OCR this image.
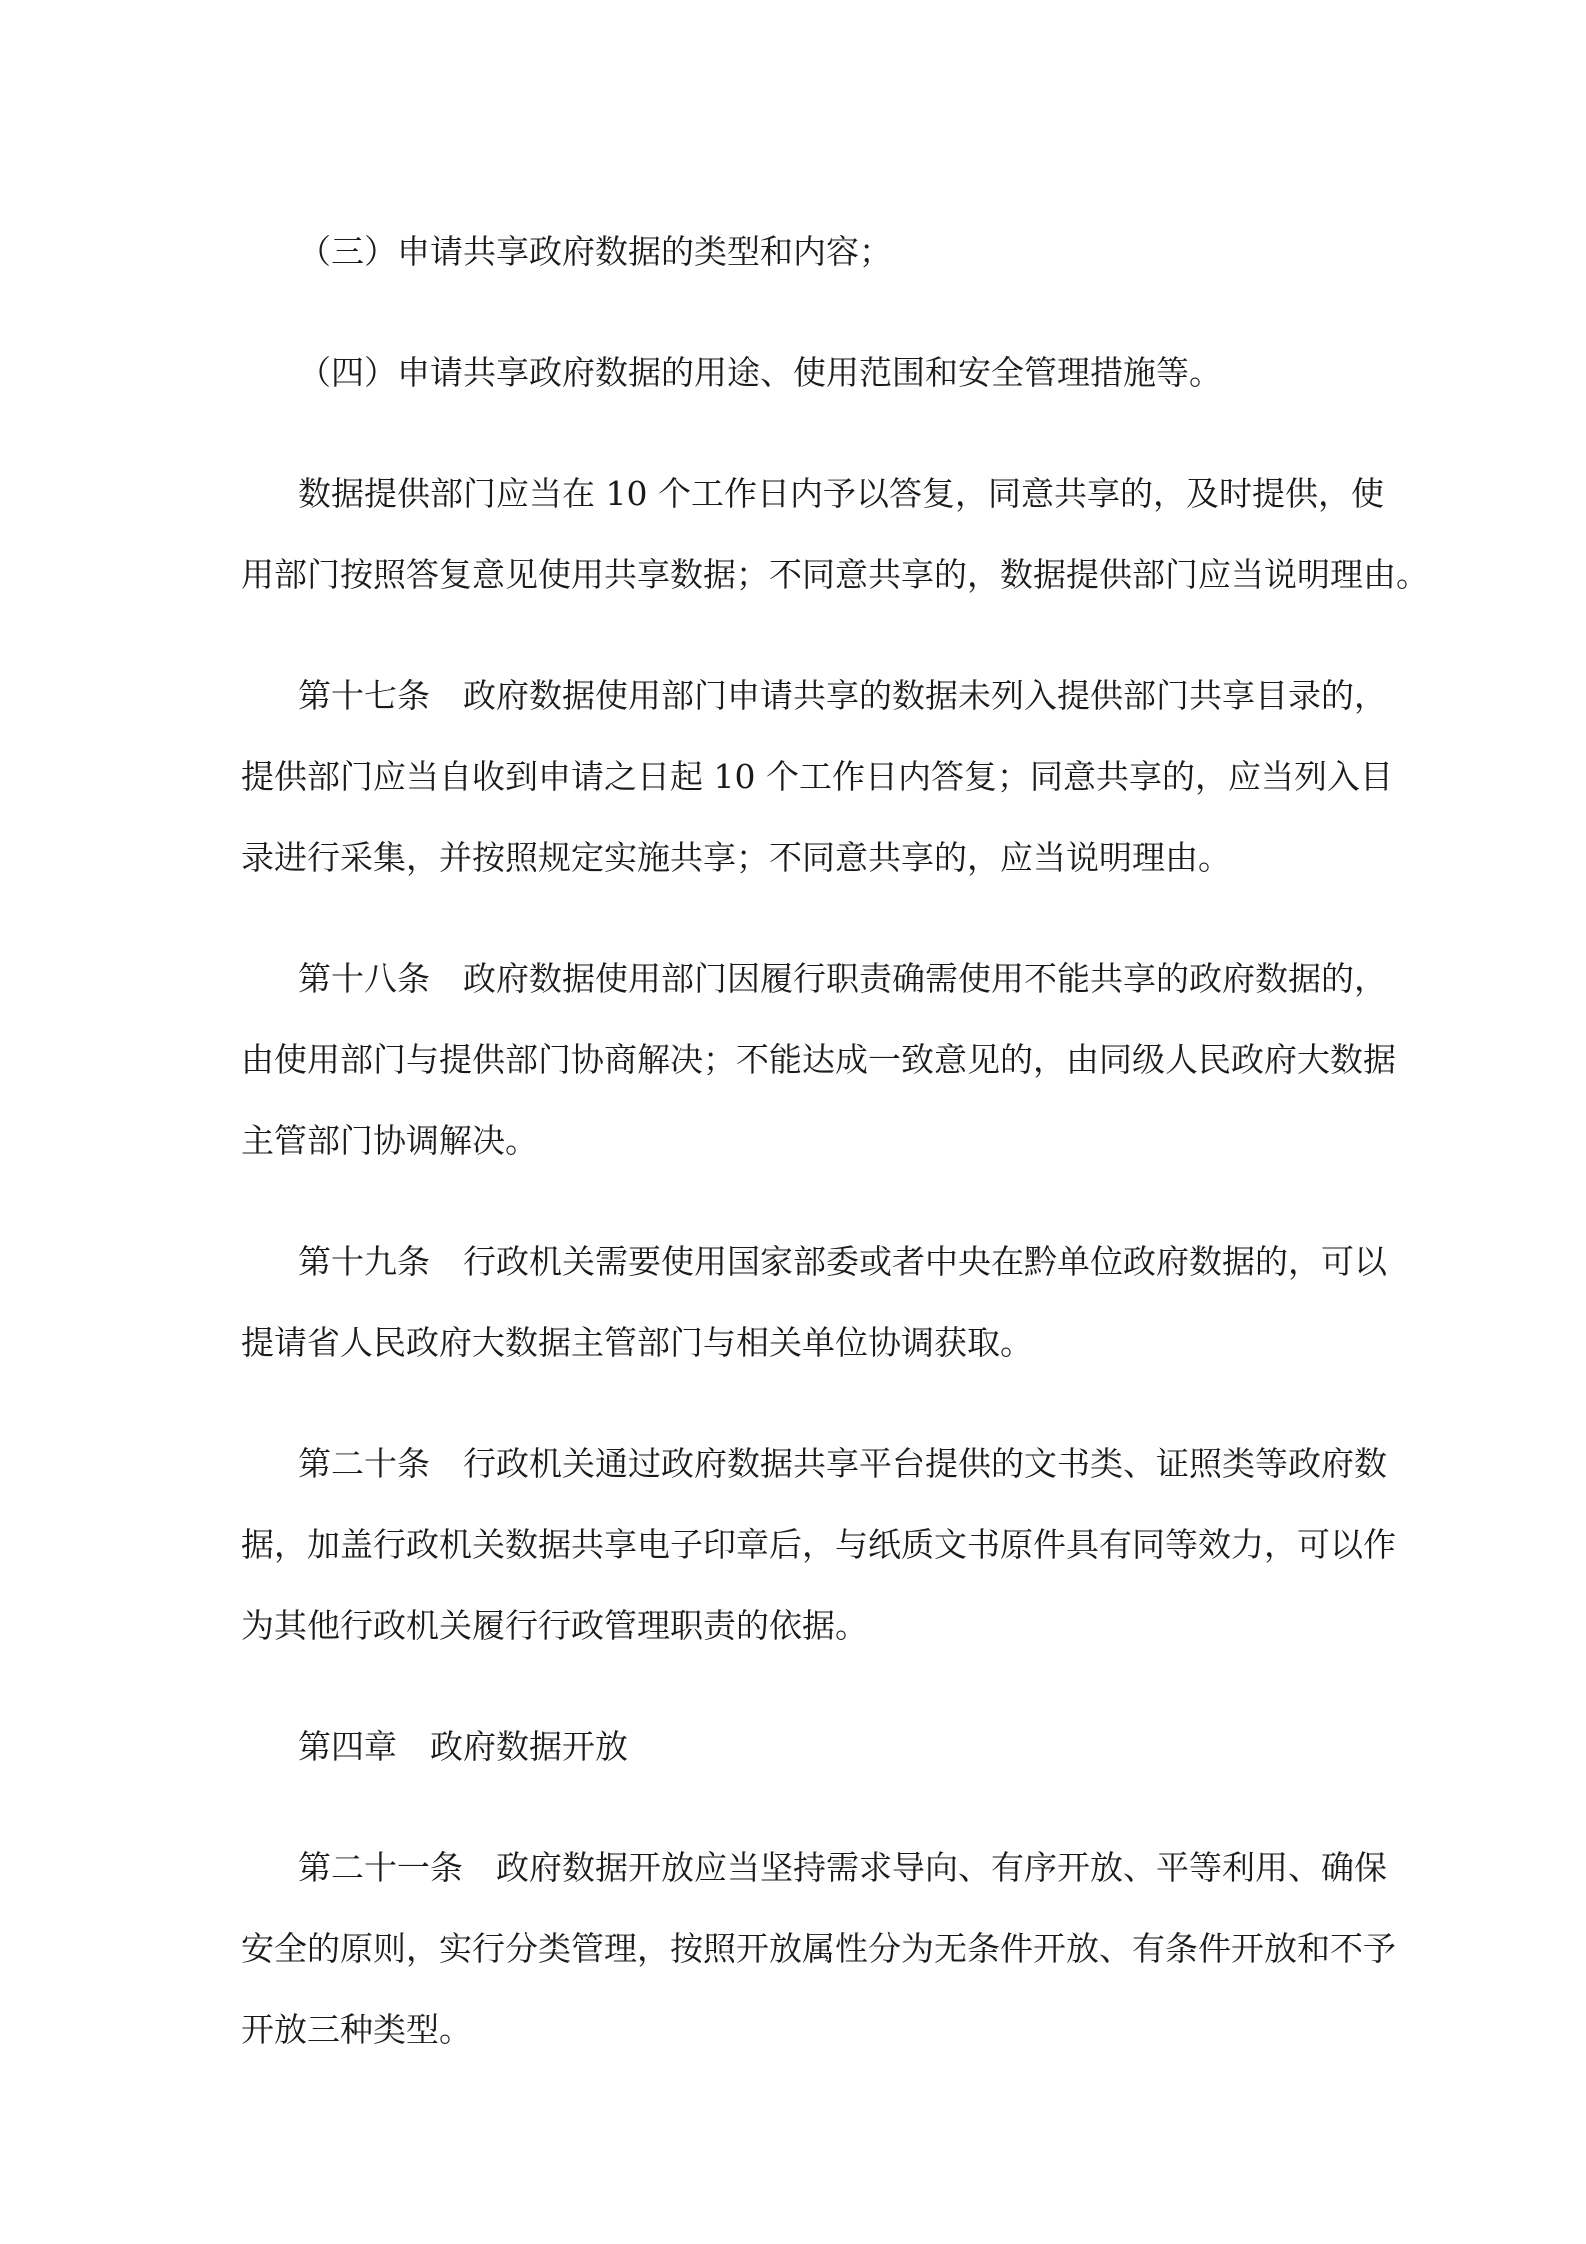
（三）申请共享政府数据的类型和内容；
（四）申请共享政府数据的用途、使用范围和安全管理措施等。
数据提供部门应当在 10 个工作日内予以答复，同意共享的，及时提供，使
用部门按照答复意见使用共享数据；不同意共享的，数据提供部门应当说明理由。
第十七条　政府数据使用部门申请共享的数据未列入提供部门共享目录的，
提供部门应当自收到申请之日起 10 个工作日内答复；同意共享的，应当列入目
录进行采集，并按照规定实施共享；不同意共享的，应当说明理由。
第十八条　政府数据使用部门因履行职责确需使用不能共享的政府数据的，
由使用部门与提供部门协商解决；不能达成一致意见的，由同级人民政府大数据
主管部门协调解决。
第十九条　行政机关需要使用国家部委或者中央在黔单位政府数据的，可以
提请省人民政府大数据主管部门与相关单位协调获取。
第二十条　行政机关通过政府数据共享平台提供的文书类、证照类等政府数
据，加盖行政机关数据共享电子印章后，与纸质文书原件具有同等效力，可以作
为其他行政机关履行行政管理职责的依据。
第四章　政府数据开放
第二十一条　政府数据开放应当坚持需求导向、有序开放、平等利用、确保
安全的原则，实行分类管理，按照开放属性分为无条件开放、有条件开放和不予
开放三种类型。
